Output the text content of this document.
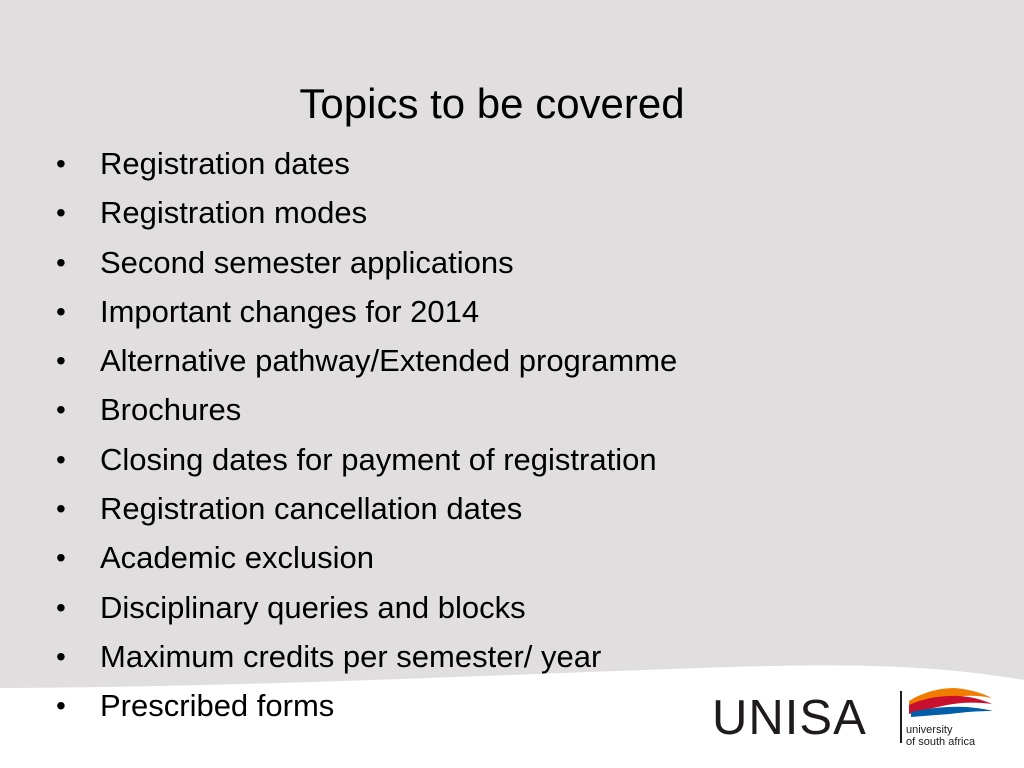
Topics to be covered
• Registration dates
• Registration modes
• Second semester applications
• Important changes for 2014
• Alternative pathway/Extended programme
• Brochures
• Closing dates for payment of registration
• Registration cancellation dates
• Academic exclusion
• Disciplinary queries and blocks
• Maximum credits per semester/ year
• Prescribed forms	UNISA	university
of south africa
